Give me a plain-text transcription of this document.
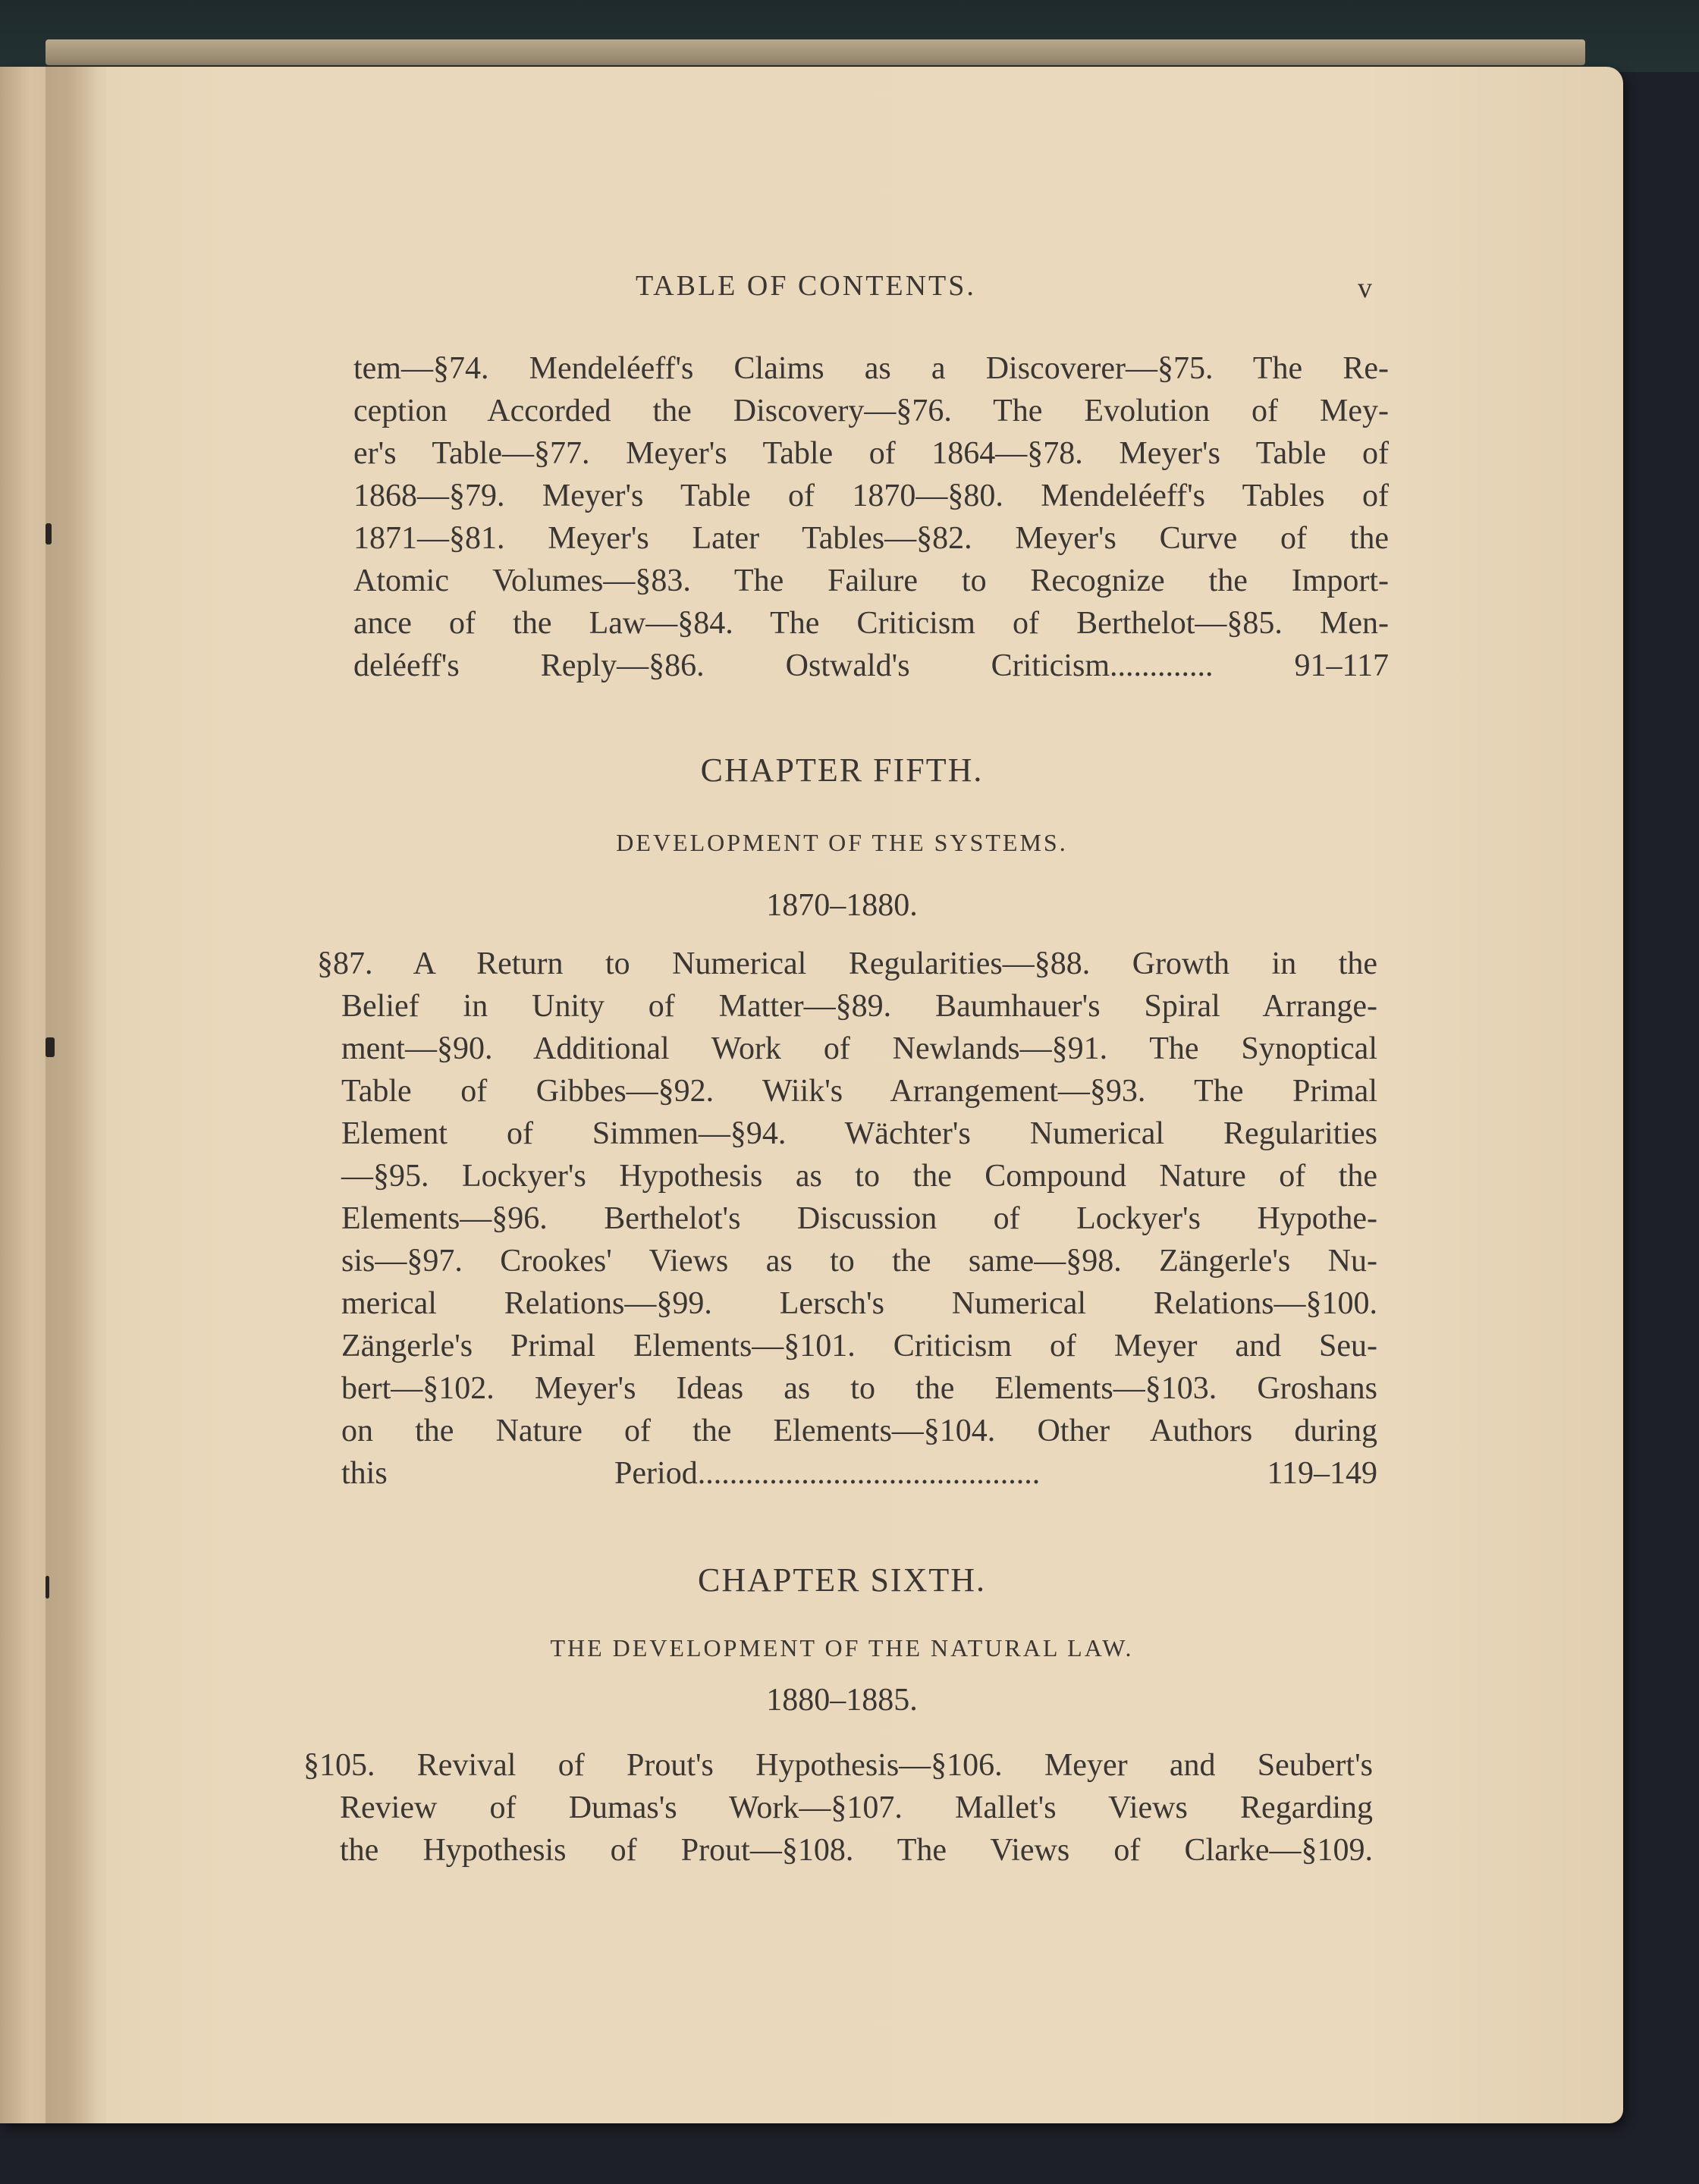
TABLE OF CONTENTS.	v
tem—§74. Mendeléeff's Claims as a Discoverer—§75. The Re-
ception Accorded the Discovery—§76. The Evolution of Mey-
er's Table—§77. Meyer's Table of 1864—§78. Meyer's Table of
1868—§79. Meyer's Table of 1870—§80. Mendeléeff's Tables of
1871—§81. Meyer's Later Tables—§82. Meyer's Curve of the
Atomic Volumes—§83. The Failure to Recognize the Import-
ance of the Law—§84. The Criticism of Berthelot—§85. Men-
deléeff's Reply—§86. Ostwald's Criticism............. 91–117
CHAPTER FIFTH.
DEVELOPMENT OF THE SYSTEMS.
1870–1880.
§87. A Return to Numerical Regularities—§88. Growth in the
Belief in Unity of Matter—§89. Baumhauer's Spiral Arrange-
ment—§90. Additional Work of Newlands—§91. The Synoptical
Table of Gibbes—§92. Wiik's Arrangement—§93. The Primal
Element of Simmen—§94. Wächter's Numerical Regularities
—§95. Lockyer's Hypothesis as to the Compound Nature of the
Elements—§96. Berthelot's Discussion of Lockyer's Hypothe-
sis—§97. Crookes' Views as to the same—§98. Zängerle's Nu-
merical Relations—§99. Lersch's Numerical Relations—§100.
Zängerle's Primal Elements—§101. Criticism of Meyer and Seu-
bert—§102. Meyer's Ideas as to the Elements—§103. Groshans
on the Nature of the Elements—§104. Other Authors during
this Period........................................... 119–149
CHAPTER SIXTH.
THE DEVELOPMENT OF THE NATURAL LAW.
1880–1885.
§105. Revival of Prout's Hypothesis—§106. Meyer and Seubert's
Review of Dumas's Work—§107. Mallet's Views Regarding
the Hypothesis of Prout—§108. The Views of Clarke—§109.
